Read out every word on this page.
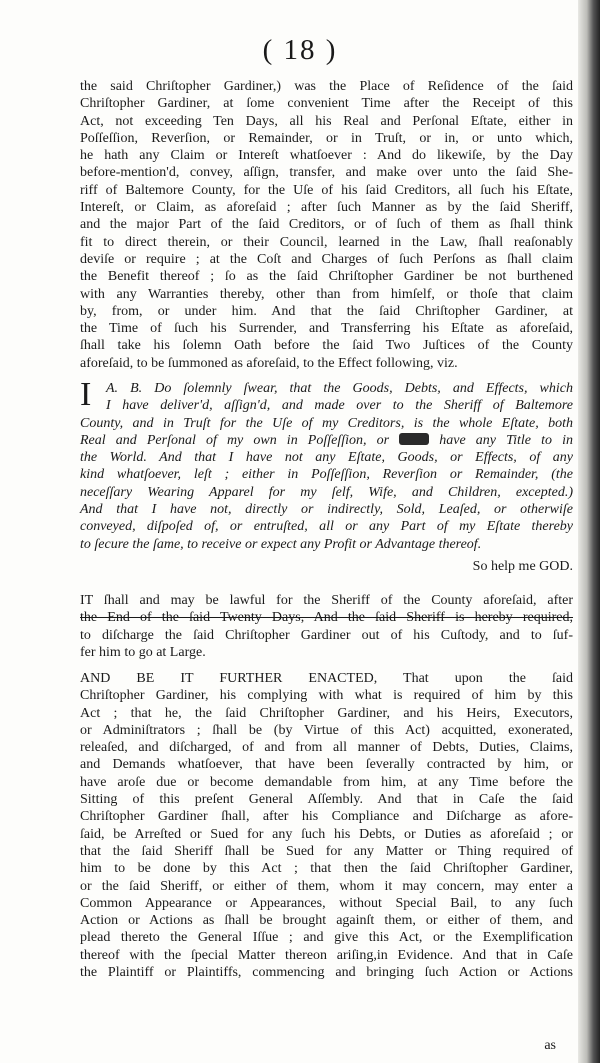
( 18 )
the said Chriſtopher Gardiner,) was the Place of Reſidence of the ſaid
Chriſtopher Gardiner, at ſome convenient Time after the Receipt of this
Act, not exceeding Ten Days, all his Real and Perſonal Eſtate, either in
Poſſeſſion, Reverſion, or Remainder, or in Truſt, or in, or unto which,
he hath any Claim or Intereſt whatſoever : And do likewiſe, by the Day
before-mention'd, convey, aſſign, transfer, and make over unto the ſaid She-
riff of Baltemore County, for the Uſe of his ſaid Creditors, all ſuch his Eſtate,
Intereſt, or Claim, as aforeſaid ; after ſuch Manner as by the ſaid Sheriff,
and the major Part of the ſaid Creditors, or of ſuch of them as ſhall think
fit to direct therein, or their Council, learned in the Law, ſhall reaſonably
deviſe or require ; at the Coſt and Charges of ſuch Perſons as ſhall claim
the Benefit thereof ; ſo as the ſaid Chriſtopher Gardiner be not burthened
with any Warranties thereby, other than from himſelf, or thoſe that claim
by, from, or under him. And that the ſaid Chriſtopher Gardiner, at
the Time of ſuch his Surrender, and Transferring his Eſtate as aforeſaid,
ſhall take his ſolemn Oath before the ſaid Two Juſtices of the County
aforeſaid, to be ſummoned as aforeſaid, to the Effect following, viz.
I	A. B. Do ſolemnly ſwear, that the Goods, Debts, and Effects, which
I have deliver'd, aſſign'd, and made over to the Sheriff of Baltemore
County, and in Truſt for the Uſe of my Creditors, is the whole Eſtate, both
Real and Perſonal of my own in Poſſeſſion, or	have any Title to in
the World. And that I have not any Eſtate, Goods, or Effects, of any
kind whatſoever, leſt ; either in Poſſeſſion, Reverſion or Remainder, (the
neceſſary Wearing Apparel for my ſelf, Wife, and Children, excepted.)
And that I have not, directly or indirectly, Sold, Leaſed, or otherwiſe
conveyed, diſpoſed of, or entruſted, all or any Part of my Eſtate thereby
to ſecure the ſame, to receive or expect any Profit or Advantage thereof.
So help me GOD.
IT ſhall and may be lawful for the Sheriff of the County aforeſaid, after
the End of the ſaid Twenty Days, And the ſaid Sheriff is hereby required,
to diſcharge the ſaid Chriſtopher Gardiner out of his Cuſtody, and to ſuf-
fer him to go at Large.
AND BE IT FURTHER ENACTED, That upon the ſaid
Chriſtopher Gardiner, his complying with what is required of him by this
Act ; that he, the ſaid Chriſtopher Gardiner, and his Heirs, Executors,
or Adminiſtrators ; ſhall be (by Virtue of this Act) acquitted, exonerated,
releaſed, and diſcharged, of and from all manner of Debts, Duties, Claims,
and Demands whatſoever, that have been ſeverally contracted by him, or
have aroſe due or become demandable from him, at any Time before the
Sitting of this preſent General Aſſembly. And that in Caſe the ſaid
Chriſtopher Gardiner ſhall, after his Compliance and Diſcharge as afore-
ſaid, be Arreſted or Sued for any ſuch his Debts, or Duties as aforeſaid ; or
that the ſaid Sheriff ſhall be Sued for any Matter or Thing required of
him to be done by this Act ; that then the ſaid Chriſtopher Gardiner,
or the ſaid Sheriff, or either of them, whom it may concern, may enter a
Common Appearance or Appearances, without Special Bail, to any ſuch
Action or Actions as ſhall be brought againſt them, or either of them, and
plead thereto the General Iſſue ; and give this Act, or the Exemplification
thereof with the ſpecial Matter thereon ariſing,in Evidence. And that in Caſe
the Plaintiff or Plaintiffs, commencing and bringing ſuch Action or Actions
as
